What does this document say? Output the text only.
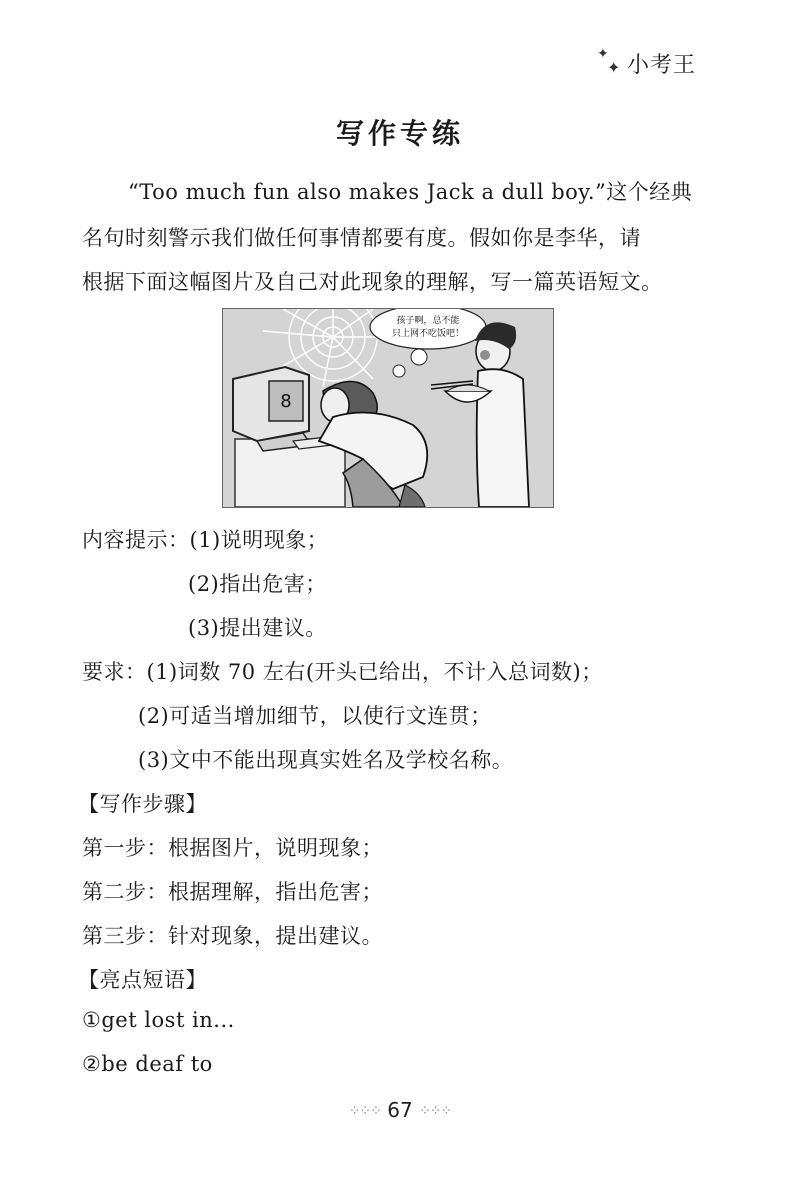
✦
✦ 小考王
写作专练
“Too much fun also makes Jack a dull boy.”这个经典
名句时刻警示我们做任何事情都要有度。假如你是李华，请
根据下面这幅图片及自己对此现象的理解，写一篇英语短文。
8
孩子啊，总不能
只上网不吃饭吧！
内容提示：(1)说明现象；
(2)指出危害；
(3)提出建议。
要求：(1)词数 70 左右(开头已给出，不计入总词数)；
(2)可适当增加细节，以使行文连贯；
(3)文中不能出现真实姓名及学校名称。
【写作步骤】
第一步：根据图片，说明现象；
第二步：根据理解，指出危害；
第三步：针对现象，提出建议。
【亮点短语】
①get lost in...
②be deaf to
⁘⁘⁘ 67 ⁘⁘⁘
